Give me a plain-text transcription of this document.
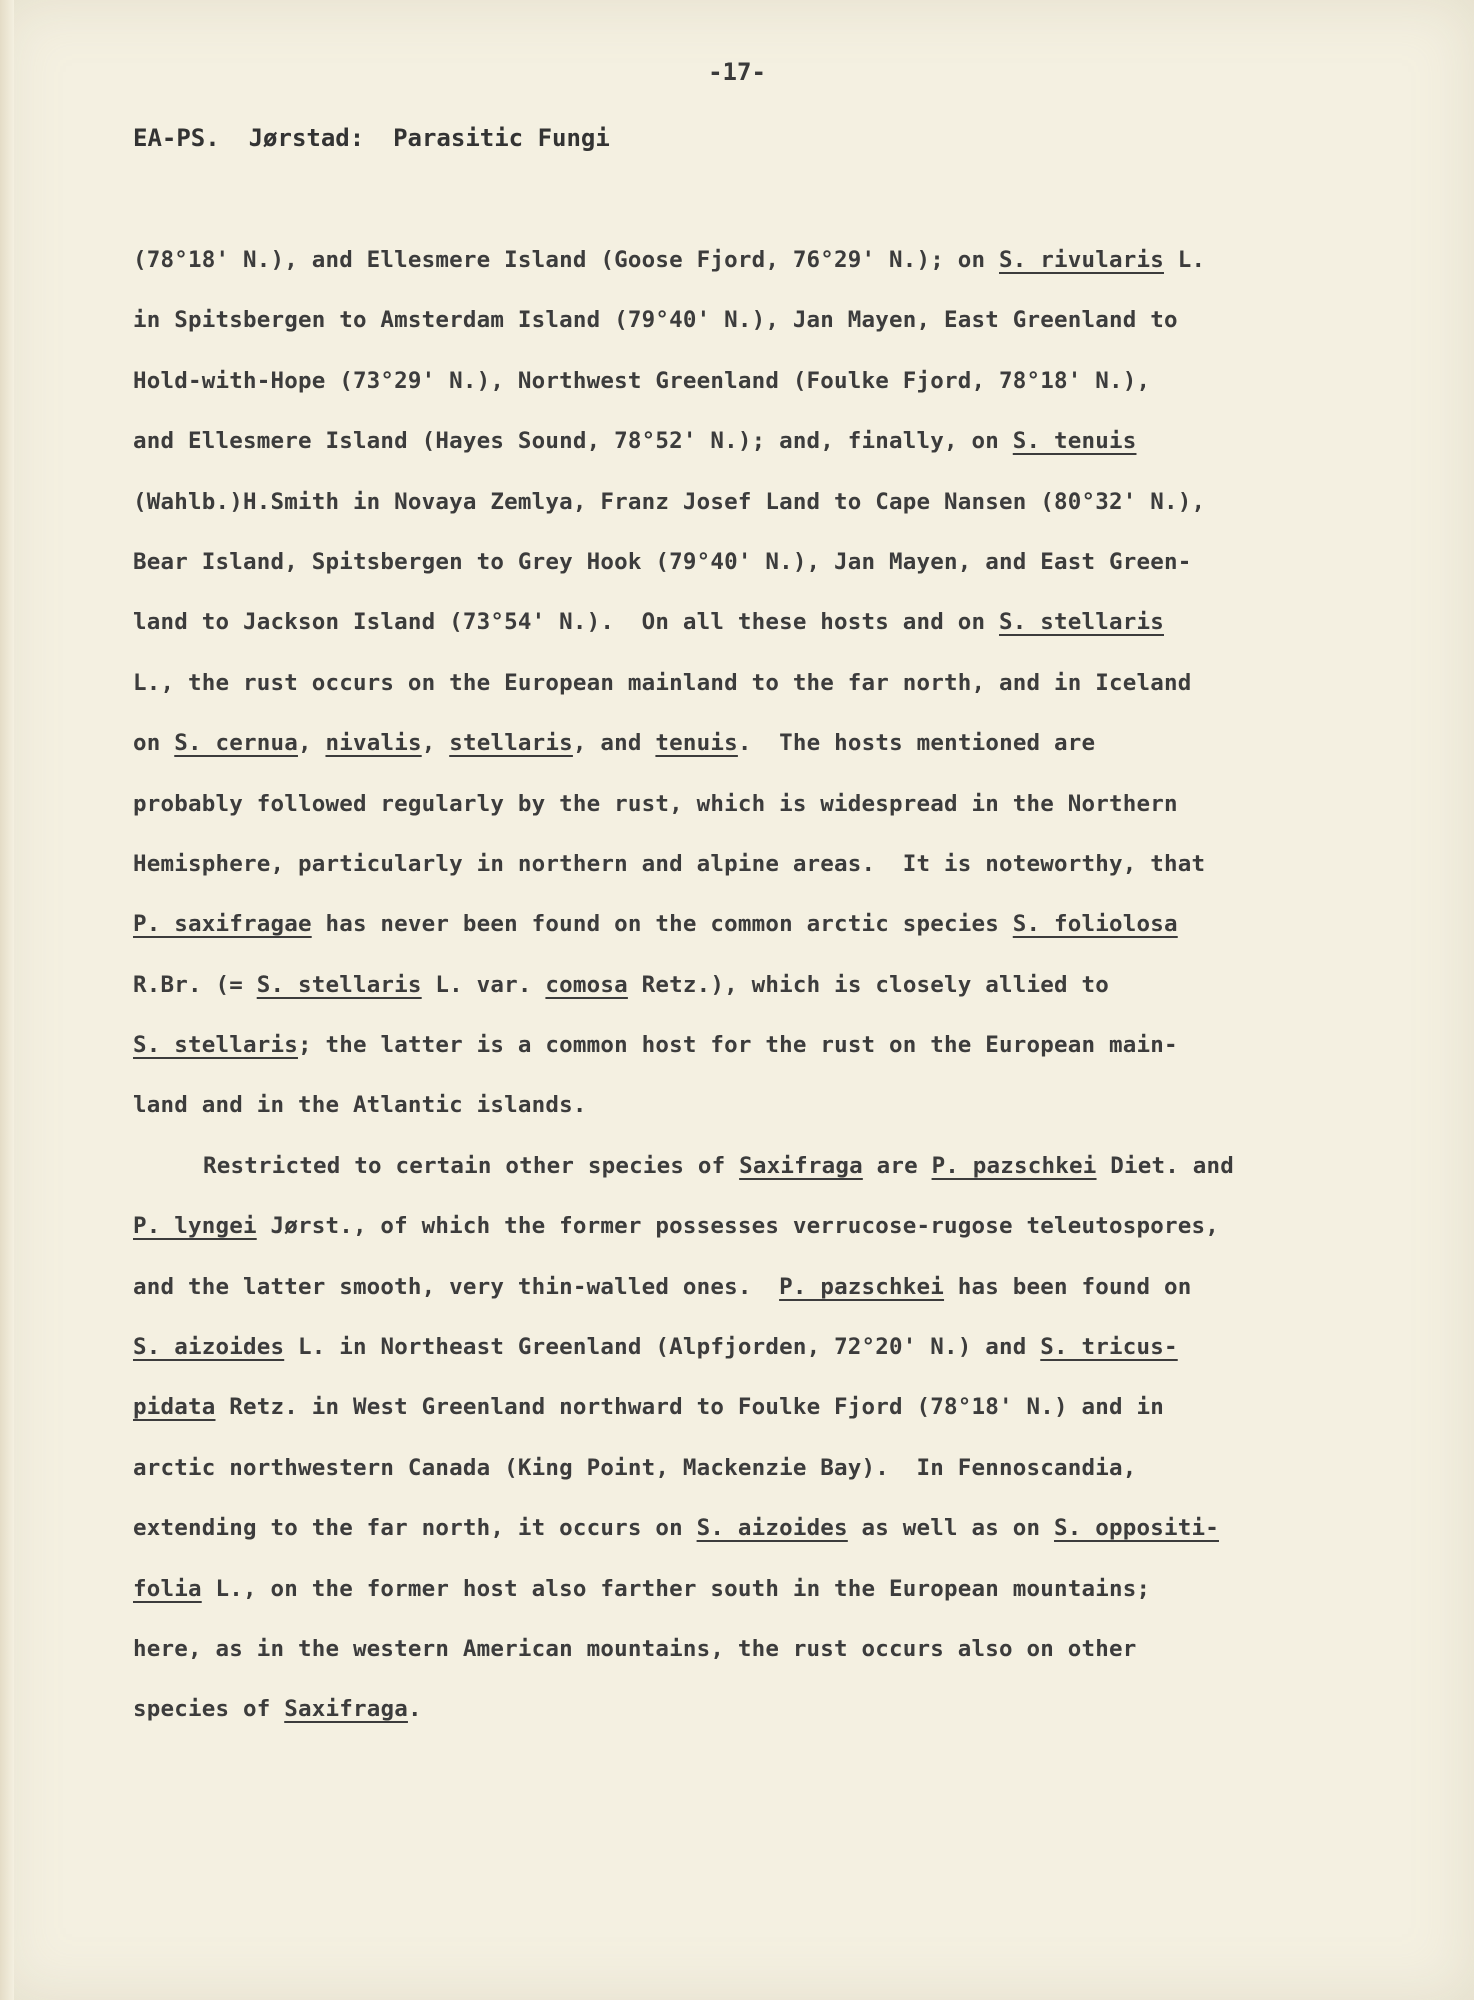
-17-
EA-PS.  Jørstad:  Parasitic Fungi
(78°18' N.), and Ellesmere Island (Goose Fjord, 76°29' N.); on S. rivularis L.
in Spitsbergen to Amsterdam Island (79°40' N.), Jan Mayen, East Greenland to
Hold-with-Hope (73°29' N.), Northwest Greenland (Foulke Fjord, 78°18' N.),
and Ellesmere Island (Hayes Sound, 78°52' N.); and, finally, on S. tenuis
(Wahlb.)H.Smith in Novaya Zemlya, Franz Josef Land to Cape Nansen (80°32' N.),
Bear Island, Spitsbergen to Grey Hook (79°40' N.), Jan Mayen, and East Green-
land to Jackson Island (73°54' N.).  On all these hosts and on S. stellaris
L., the rust occurs on the European mainland to the far north, and in Iceland
on S. cernua, nivalis, stellaris, and tenuis.  The hosts mentioned are
probably followed regularly by the rust, which is widespread in the Northern
Hemisphere, particularly in northern and alpine areas.  It is noteworthy, that
P. saxifragae has never been found on the common arctic species S. foliolosa
R.Br. (= S. stellaris L. var. comosa Retz.), which is closely allied to
S. stellaris; the latter is a common host for the rust on the European main-
land and in the Atlantic islands.
Restricted to certain other species of Saxifraga are P. pazschkei Diet. and
P. lyngei Jørst., of which the former possesses verrucose-rugose teleutospores,
and the latter smooth, very thin-walled ones.  P. pazschkei has been found on
S. aizoides L. in Northeast Greenland (Alpfjorden, 72°20' N.) and S. tricus-
pidata Retz. in West Greenland northward to Foulke Fjord (78°18' N.) and in
arctic northwestern Canada (King Point, Mackenzie Bay).  In Fennoscandia,
extending to the far north, it occurs on S. aizoides as well as on S. oppositi-
folia L., on the former host also farther south in the European mountains;
here, as in the western American mountains, the rust occurs also on other
species of Saxifraga.
